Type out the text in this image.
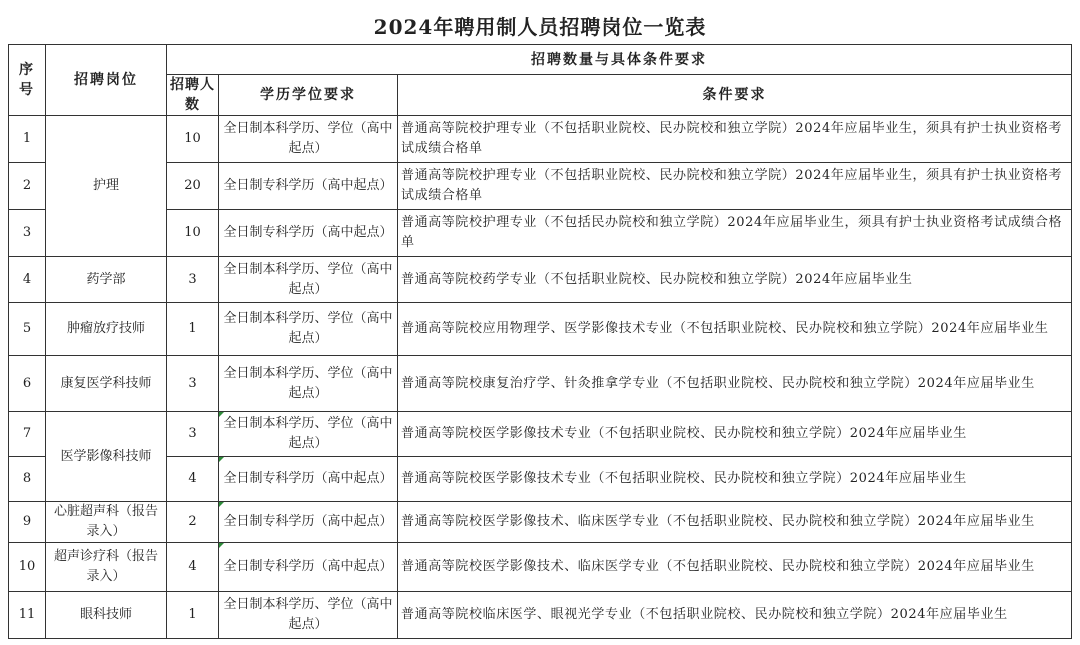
2024年聘用制人员招聘岗位一览表				
序号	招聘岗位	招聘数量与具体条件要求		
		招聘人数	学历学位要求	条件要求
1	护理	10	全日制本科学历、学位（高中起点）	普通高等院校护理专业（不包括职业院校、民办院校和独立学院）2024年应届毕业生，须具有护士执业资格考试成绩合格单
2		20	全日制专科学历（高中起点）	普通高等院校护理专业（不包括职业院校、民办院校和独立学院）2024年应届毕业生，须具有护士执业资格考试成绩合格单
3		10	全日制专科学历（高中起点）	普通高等院校护理专业（不包括民办院校和独立学院）2024年应届毕业生，须具有护士执业资格考试成绩合格单
4	药学部	3	全日制本科学历、学位（高中起点）	普通高等院校药学专业（不包括职业院校、民办院校和独立学院）2024年应届毕业生
5	肿瘤放疗技师	1	全日制本科学历、学位（高中起点）	普通高等院校应用物理学、医学影像技术专业（不包括职业院校、民办院校和独立学院）2024年应届毕业生
6	康复医学科技师	3	全日制本科学历、学位（高中起点）	普通高等院校康复治疗学、针灸推拿学专业（不包括职业院校、民办院校和独立学院）2024年应届毕业生
7	医学影像科技师	3	全日制本科学历、学位（高中起点）	普通高等院校医学影像技术专业（不包括职业院校、民办院校和独立学院）2024年应届毕业生
8		4	全日制专科学历（高中起点）	普通高等院校医学影像技术专业（不包括职业院校、民办院校和独立学院）2024年应届毕业生
9	心脏超声科（报告录入）	2	全日制专科学历（高中起点）	普通高等院校医学影像技术、临床医学专业（不包括职业院校、民办院校和独立学院）2024年应届毕业生
10	超声诊疗科（报告录入）	4	全日制专科学历（高中起点）	普通高等院校医学影像技术、临床医学专业（不包括职业院校、民办院校和独立学院）2024年应届毕业生
11	眼科技师	1	全日制本科学历、学位（高中起点）	普通高等院校临床医学、眼视光学专业（不包括职业院校、民办院校和独立学院）2024年应届毕业生
